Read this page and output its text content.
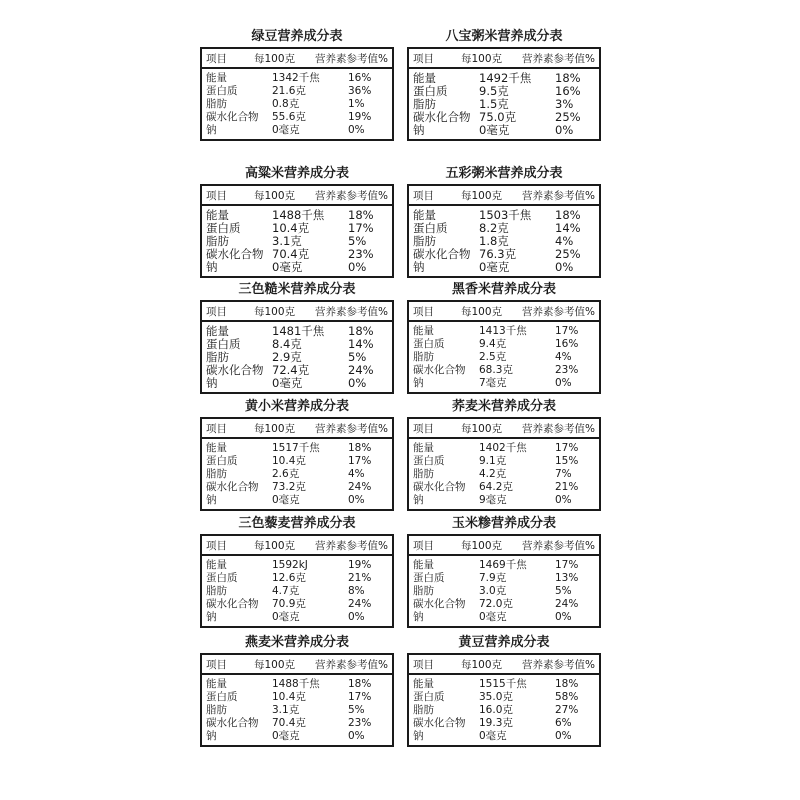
绿豆营养成分表
项目	每100克	营养素参考值%
能量	1342千焦	16%
蛋白质	21.6克	36%
脂肪	0.8克	1%
碳水化合物	55.6克	19%
钠	0毫克	0%
八宝粥米营养成分表
项目	每100克	营养素参考值%
能量	1492千焦	18%
蛋白质	9.5克	16%
脂肪	1.5克	3%
碳水化合物 75.0克	25%
钠	0毫克	0%
高粱米营养成分表
项目	每100克	营养素参考值%
能量	1488千焦	18%
蛋白质	10.4克	17%
脂肪	3.1克	5%
碳水化合物 70.4克	23%
钠	0毫克	0%
五彩粥米营养成分表
项目	每100克	营养素参考值%
能量	1503千焦	18%
蛋白质	8.2克	14%
脂肪	1.8克	4%
碳水化合物 76.3克	25%
钠	0毫克	0%
三色糙米营养成分表
项目	每100克	营养素参考值%
能量	1481千焦	18%
蛋白质	8.4克	14%
脂肪	2.9克	5%
碳水化合物 72.4克	24%
钠	0毫克	0%
黑香米营养成分表
项目	每100克	营养素参考值%
能量	1413千焦	17%
蛋白质	9.4克	16%
脂肪	2.5克	4%
碳水化合物	68.3克	23%
钠	7毫克	0%
黄小米营养成分表
项目	每100克	营养素参考值%
能量	1517千焦	18%
蛋白质	10.4克	17%
脂肪	2.6克	4%
碳水化合物	73.2克	24%
钠	0毫克	0%
荞麦米营养成分表
项目	每100克	营养素参考值%
能量	1402千焦	17%
蛋白质	9.1克	15%
脂肪	4.2克	7%
碳水化合物	64.2克	21%
钠	9毫克	0%
三色藜麦营养成分表
项目	每100克	营养素参考值%
能量	1592kJ	19%
蛋白质	12.6克	21%
脂肪	4.7克	8%
碳水化合物	70.9克	24%
钠	0毫克	0%
玉米糁营养成分表
项目	每100克	营养素参考值%
能量	1469千焦	17%
蛋白质	7.9克	13%
脂肪	3.0克	5%
碳水化合物	72.0克	24%
钠	0毫克	0%
燕麦米营养成分表
项目	每100克	营养素参考值%
能量	1488千焦	18%
蛋白质	10.4克	17%
脂肪	3.1克	5%
碳水化合物	70.4克	23%
钠	0毫克	0%
黄豆营养成分表
项目	每100克	营养素参考值%
能量	1515千焦	18%
蛋白质	35.0克	58%
脂肪	16.0克	27%
碳水化合物	19.3克	6%
钠	0毫克	0%
